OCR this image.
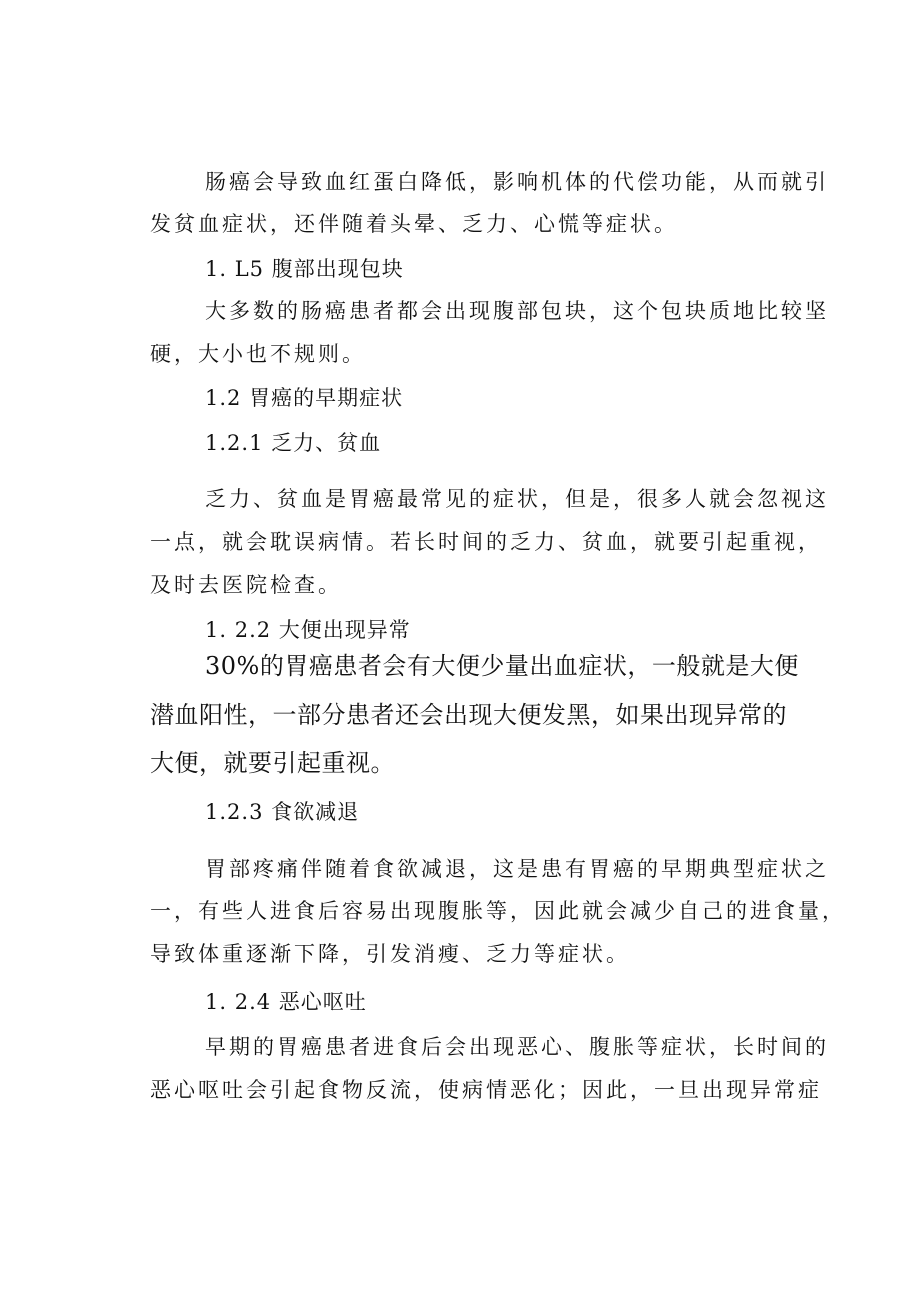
肠癌会导致血红蛋白降低，影响机体的代偿功能，从而就引
发贫血症状，还伴随着头晕、乏力、心慌等症状。
1. L5 腹部出现包块
大多数的肠癌患者都会出现腹部包块，这个包块质地比较坚
硬，大小也不规则。
1.2 胃癌的早期症状
1.2.1 乏力、贫血
乏力、贫血是胃癌最常见的症状，但是，很多人就会忽视这
一点，就会耽误病情。若长时间的乏力、贫血，就要引起重视，
及时去医院检查。
1. 2.2 大便出现异常
30%的胃癌患者会有大便少量出血症状，一般就是大便
潜血阳性，一部分患者还会出现大便发黑，如果出现异常的
大便，就要引起重视。
1.2.3 食欲减退
胃部疼痛伴随着食欲减退，这是患有胃癌的早期典型症状之
一，有些人进食后容易出现腹胀等，因此就会减少自己的进食量，
导致体重逐渐下降，引发消瘦、乏力等症状。
1. 2.4 恶心呕吐
早期的胃癌患者进食后会出现恶心、腹胀等症状，长时间的
恶心呕吐会引起食物反流，使病情恶化；因此，一旦出现异常症
